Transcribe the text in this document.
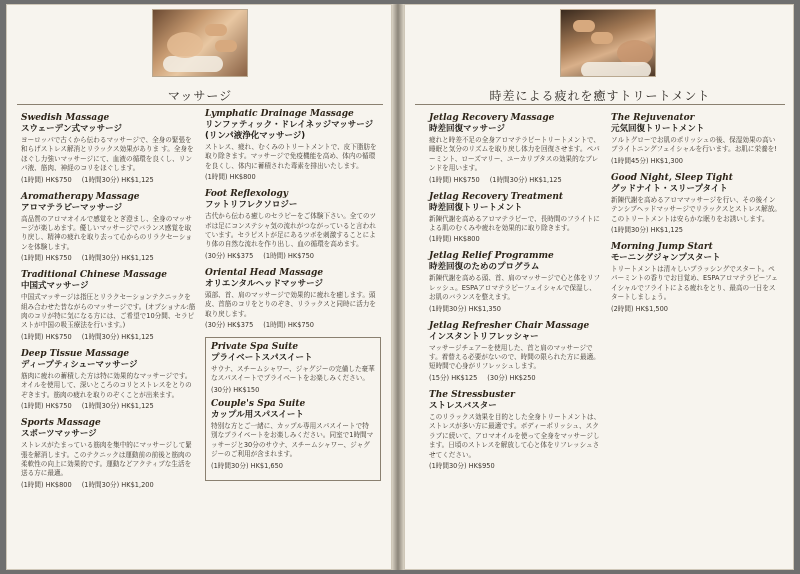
マッサージ
Swedish Massage
スウェーデン式マッサージ
ヨーロッパで古くから伝わるマッサージで、全身の緊張を和らげストレス解消とリラックス効果がありま す。全身をほぐし力強いマッサージにて、血液の循環を良くし、リンパ液、筋肉、神経のコリをほぐします。
(1時間) HK$750 (1時間30分) HK$1,125
Aromatherapy Massage
アロマテラピーマッサージ
高品質のアロマオイルで感覚をとぎ澄まし、全身のマッサージが楽しめます。優しいマッサージでバランス感覚を取り戻し、精神の疲れを取り去って心からのリラクセーションを体験します。
(1時間) HK$750 (1時間30分) HK$1,125
Traditional Chinese Massage
中国式マッサージ
中国式マッサージは指圧とリラクセーションテクニックを組み合わせた昔ながらのマッサージです。(オプショナル:筋肉のコリが特に気になる方には、ご希望で10分間、セラピストが中国の吸玉療法を行います。)
(1時間) HK$750 (1時間30分) HK$1,125
Deep Tissue Massage
ディープティシューマッサージ
筋肉に疲れの蓄積した方は特に効果的なマッサージです。オイルを使用して、深いところのコリとストレスをとりのぞきます。筋肉の疲れを取りのぞくことが出来ます。
(1時間) HK$750 (1時間30分) HK$1,125
Sports Massage
スポーツマッサージ
ストレスがたまっている筋肉を集中的にマッサージして緊張を解消します。このテクニックは運動前の前後と筋肉の柔軟性の向上に効果的です。運動などアクティブな生活を送る方に最適。
(1時間) HK$800 (1時間30分) HK$1,200
Lymphatic Drainage Massage
リンファティック・ドレイネッジマッサージ (リンパ液浄化マッサージ)
ストレス、疲れ、むくみのトリートメントで、皮下脂肪を取り除きます。マッサージで免疫機能を高め、体内の循環を良くし、体内に蓄積された毒素を排出いたします。
(1時間) HK$800
Foot Reflexology
フットリフレクソロジー
古代から伝わる癒しのセラピーをご体験下さい。全てのツボは足にコンステシャ気の流れがつながっていると言われています。セラピストが足にあるツボを刺激することにより体の自然な流れを作り出し、血の循環を高めます。
(30分) HK$375 (1時間) HK$750
Oriental Head Massage
オリエンタルヘッドマッサージ
頭部、首、肩のマッサージで効果的に疲れを癒します。頭皮、首筋のコリをとりのぞき、リラックスと同時に活力を取り戻します。
(30分) HK$375 (1時間) HK$750
Private Spa Suite
プライベートスパスイート
サウナ、スチームシャワー、ジャグジーの完備した豪華なスパスイートでプライベートをお楽しみください。
(30分) HK$150
Couple's Spa Suite
カップル用スパスイート
特別な方とご一緒に、カップル専用スパスイートで特別なプライベートをお楽しみください。同室で1時間マッサージと30分のサウナ、スチームシャワー、ジャグジーのご利用が含まれます。
(1時間30分) HK$1,650
時差による疲れを癒すトリートメント
Jetlag Recovery Massage
時差回復マッサージ
疲れと時差不足の全身アロマテラピートリートメントで、睡眠と気分のリズムを取り戻し体力を回復させます。ペパーミント、ローズマリー、ユーカリプタスの効果的なブレンドを用います。
(1時間) HK$750 (1時間30分) HK$1,125
Jetlag Recovery Treatment
時差回復トリートメント
新陳代謝を高めるアロマテラピーで、長時間のフライトによる肌のむくみや疲れを効果的に取り除きます。
(1時間) HK$800
Jetlag Relief Programme
時差回復のためのプログラム
新陳代謝を高める頭、首、肩のマッサージで心と体をリフレッシュ。ESPAアロマテラピーフェイシャルで保湿し、お肌のバランスを整えます。
(1時間30分) HK$1,350
Jetlag Refresher Chair Massage
インスタントリフレッシャー
マッサージチェアーを使用した、首と肩のマッサージです。着替える必要がないので、時間の限られた方に最適。短時間で心身がリフレッシュします。
(15分) HK$125 (30分) HK$250
The Stressbuster
ストレスバスター
このリラックス効果を目的とした全身トリートメントは、ストレスが多い方に最適です。ボディーポリッシュ、スクラブに続いて、アロマオイルを使って全身をマッサージします。日頃のストレスを解放して心と体をリフレッシュさせてください。
(1時間30分) HK$950
The Rejuvenator
元気回復トリートメント
ソルトグローでお肌のポリッシュの後、保湿効果の高いブライトニングフェイシャルを行います。お肌に栄養を!
(1時間45分) HK$1,300
Good Night, Sleep Tight
グッドナイト・スリープタイト
新陳代謝を高めるアロママッサージを行い、その後インテンシブヘッドマッサージでリラックスとストレス解放。このトリートメントは安らかな眠りをお誘いします。
(1時間30分) HK$1,125
Morning Jump Start
モーニングジャンプスタート
トリートメントは清々しいブラッシングでスタート。ペパーミントの香りでお目覚め、ESPAアロマテラピーフェイシャルでフライトによる疲れをとり、最高の一日をスタートしましょう。
(2時間) HK$1,500
